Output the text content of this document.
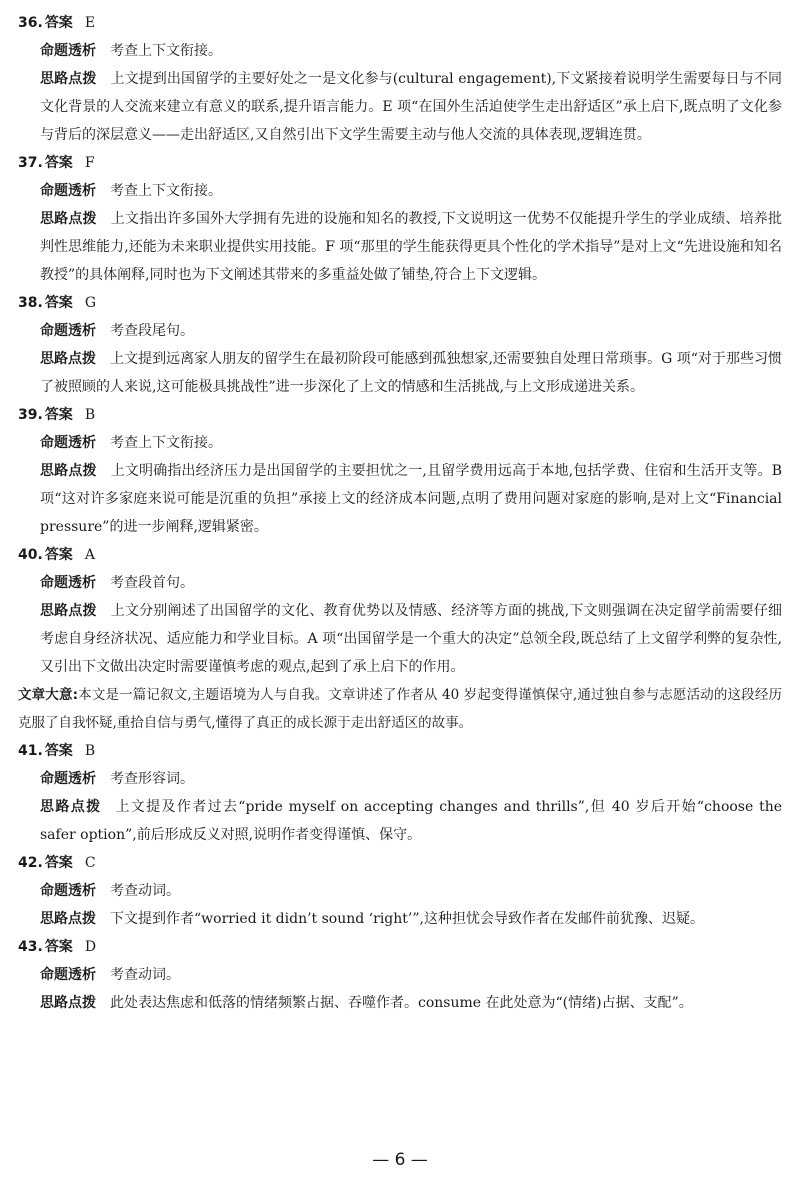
36. 答案 E
命题透析 考查上下文衔接。
思路点拨 上文提到出国留学的主要好处之一是文化参与(cultural engagement),下文紧接着说明学生需要每日与不同文化背景的人交流来建立有意义的联系,提升语言能力。E 项“在国外生活迫使学生走出舒适区”承上启下,既点明了文化参与背后的深层意义——走出舒适区,又自然引出下文学生需要主动与他人交流的具体表现,逻辑连贯。
37. 答案 F
命题透析 考查上下文衔接。
思路点拨 上文指出许多国外大学拥有先进的设施和知名的教授,下文说明这一优势不仅能提升学生的学业成绩、培养批判性思维能力,还能为未来职业提供实用技能。F 项“那里的学生能获得更具个性化的学术指导”是对上文“先进设施和知名教授”的具体阐释,同时也为下文阐述其带来的多重益处做了铺垫,符合上下文逻辑。
38. 答案 G
命题透析 考查段尾句。
思路点拨 上文提到远离家人朋友的留学生在最初阶段可能感到孤独想家,还需要独自处理日常琐事。G 项“对于那些习惯了被照顾的人来说,这可能极具挑战性”进一步深化了上文的情感和生活挑战,与上文形成递进关系。
39. 答案 B
命题透析 考查上下文衔接。
思路点拨 上文明确指出经济压力是出国留学的主要担忧之一,且留学费用远高于本地,包括学费、住宿和生活开支等。B 项“这对许多家庭来说可能是沉重的负担”承接上文的经济成本问题,点明了费用问题对家庭的影响,是对上文“Financial pressure”的进一步阐释,逻辑紧密。
40. 答案 A
命题透析 考查段首句。
思路点拨 上文分别阐述了出国留学的文化、教育优势以及情感、经济等方面的挑战,下文则强调在决定留学前需要仔细考虑自身经济状况、适应能力和学业目标。A 项“出国留学是一个重大的决定”总领全段,既总结了上文留学利弊的复杂性,又引出下文做出决定时需要谨慎考虑的观点,起到了承上启下的作用。
文章大意:本文是一篇记叙文,主题语境为人与自我。文章讲述了作者从 40 岁起变得谨慎保守,通过独自参与志愿活动的这段经历克服了自我怀疑,重拾自信与勇气,懂得了真正的成长源于走出舒适区的故事。
41. 答案 B
命题透析 考查形容词。
思路点拨 上文提及作者过去“pride myself on accepting changes and thrills”,但 40 岁后开始“choose the safer option”,前后形成反义对照,说明作者变得谨慎、保守。
42. 答案 C
命题透析 考查动词。
思路点拨 下文提到作者“worried it didn’t sound ‘right’”,这种担忧会导致作者在发邮件前犹豫、迟疑。
43. 答案 D
命题透析 考查动词。
思路点拨 此处表达焦虑和低落的情绪频繁占据、吞噬作者。consume 在此处意为“(情绪)占据、支配”。
— 6 —
